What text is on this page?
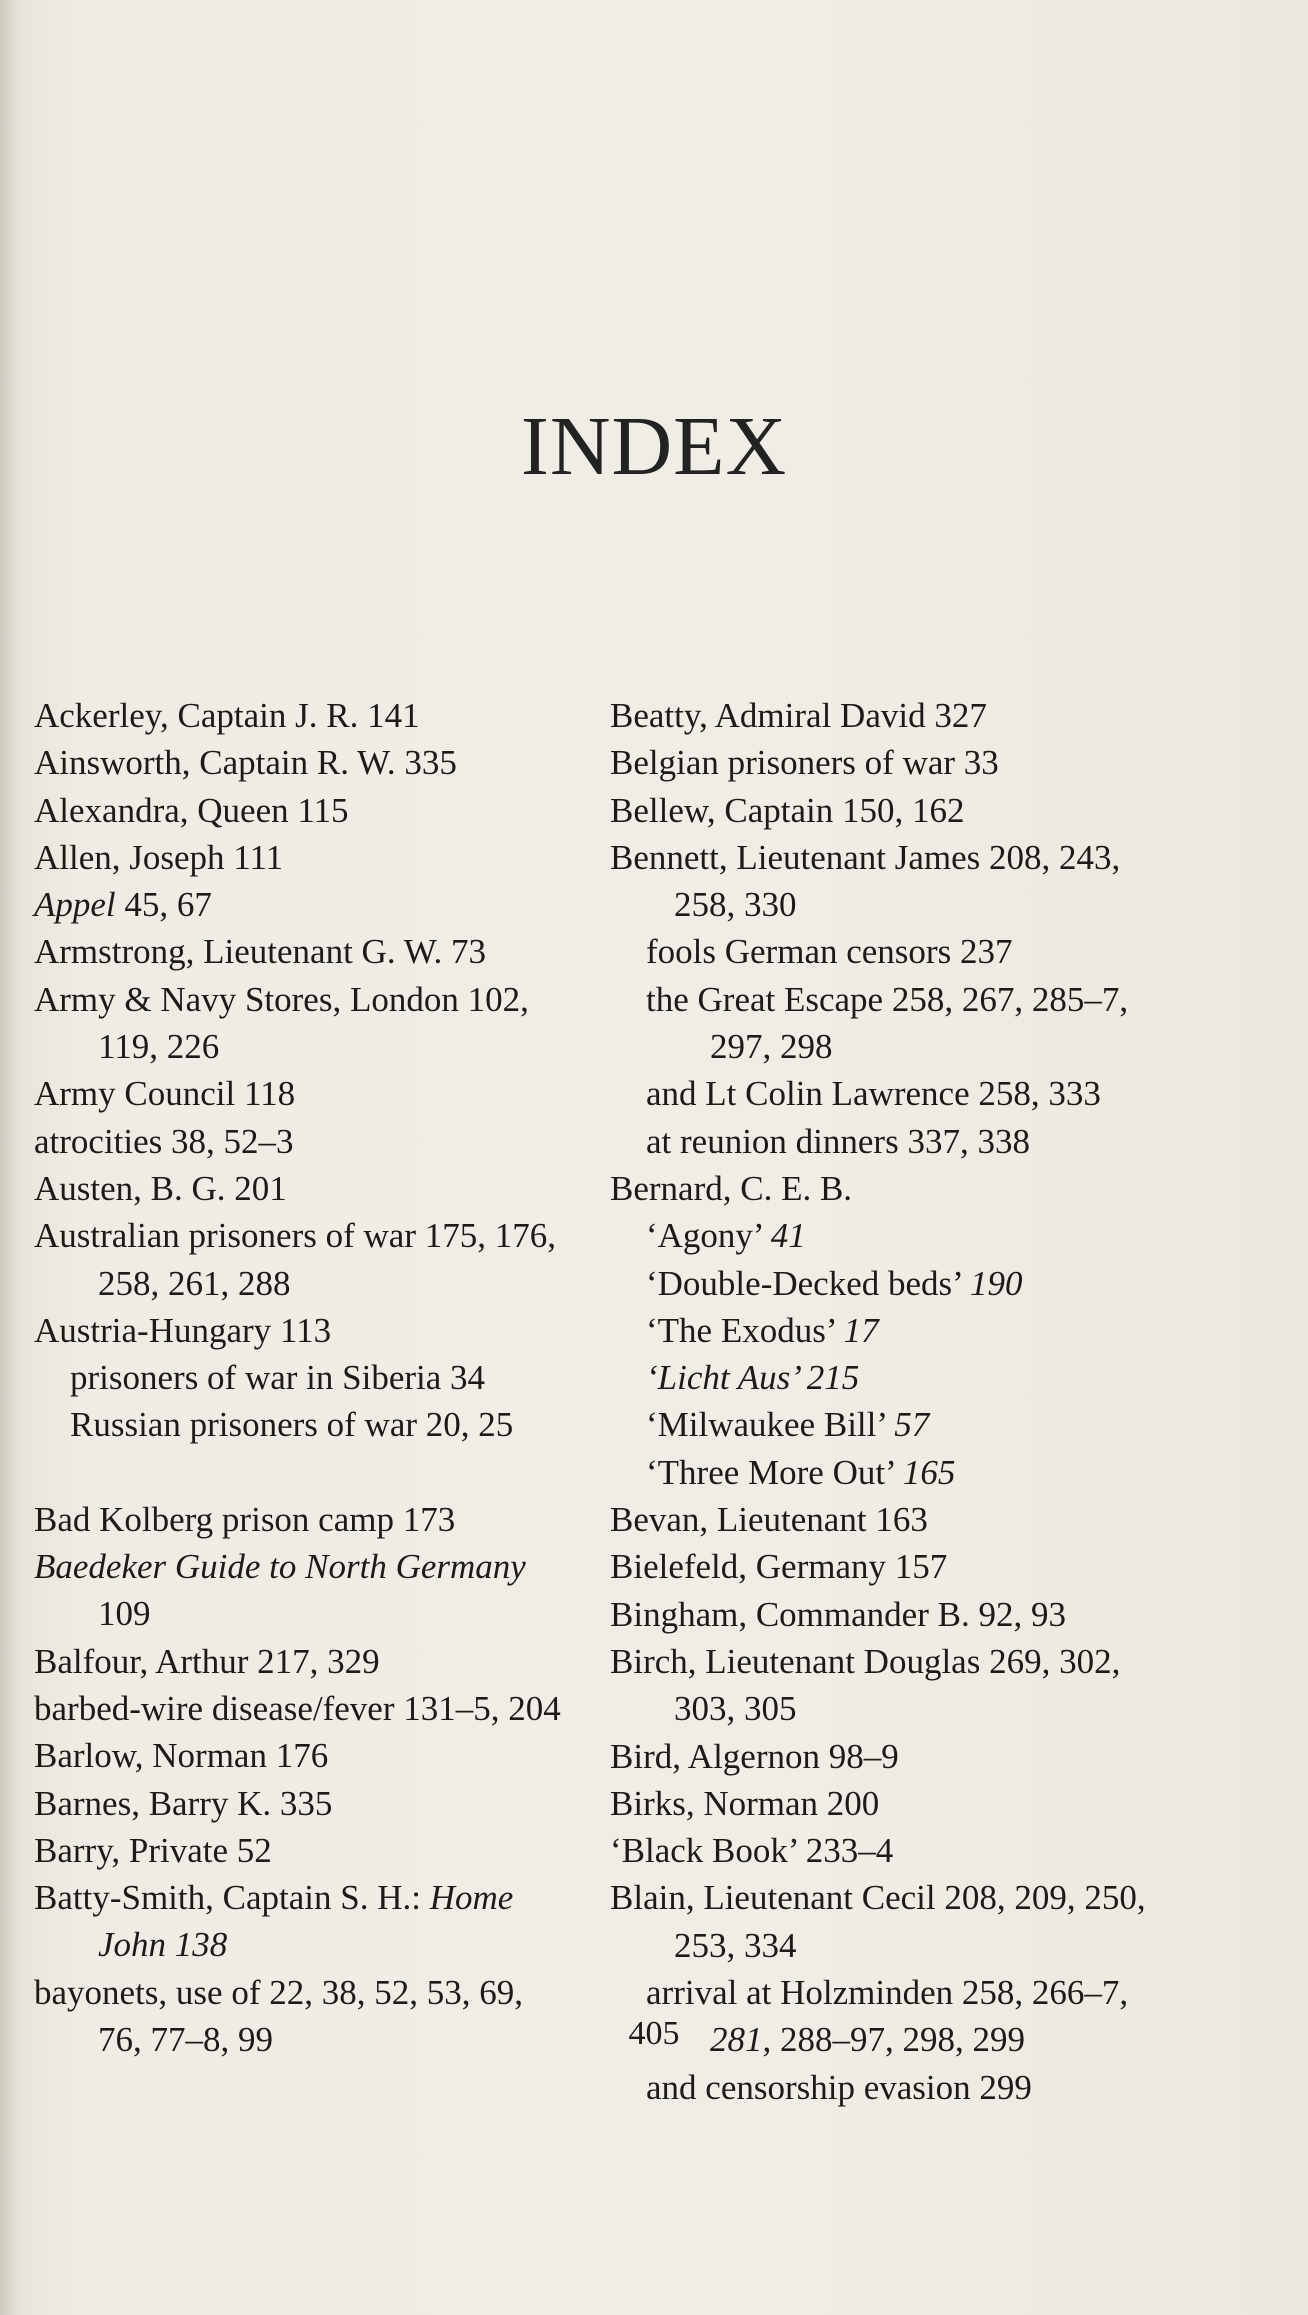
INDEX

Ackerley, Captain J. R. 141

Ainsworth, Captain R. W. 335

Alexandra, Queen 115

Allen, Joseph 111

Appel 45, 67

Armstrong, Lieutenant G. W. 73

Army & Navy Stores, London 102, 119, 226

Army Council 118

atrocities 38, 52–3

Austen, B. G. 201

Australian prisoners of war 175, 176, 258, 261, 288

Austria-Hungary 113

prisoners of war in Siberia 34

Russian prisoners of war 20, 25

Bad Kolberg prison camp 173

Baedeker Guide to North Germany 109

Balfour, Arthur 217, 329

barbed-wire disease/fever 131–5, 204

Barlow, Norman 176

Barnes, Barry K. 335

Barry, Private 52

Batty-Smith, Captain S. H.: Home John 138

bayonets, use of 22, 38, 52, 53, 69, 76, 77–8, 99

Beatty, Admiral David 327

Belgian prisoners of war 33

Bellew, Captain 150, 162

Bennett, Lieutenant James 208, 243, 258, 330

fools German censors 237

the Great Escape 258, 267, 285–7, 297, 298

and Lt Colin Lawrence 258, 333

at reunion dinners 337, 338

Bernard, C. E. B.

‘Agony’ 41

‘Double-Decked beds’ 190

‘The Exodus’ 17

‘Licht Aus’ 215

‘Milwaukee Bill’ 57

‘Three More Out’ 165

Bevan, Lieutenant 163

Bielefeld, Germany 157

Bingham, Commander B. 92, 93

Birch, Lieutenant Douglas 269, 302, 303, 305

Bird, Algernon 98–9

Birks, Norman 200

‘Black Book’ 233–4

Blain, Lieutenant Cecil 208, 209, 250, 253, 334

arrival at Holzminden 258, 266–7, 281, 288–97, 298, 299

and censorship evasion 299

405
